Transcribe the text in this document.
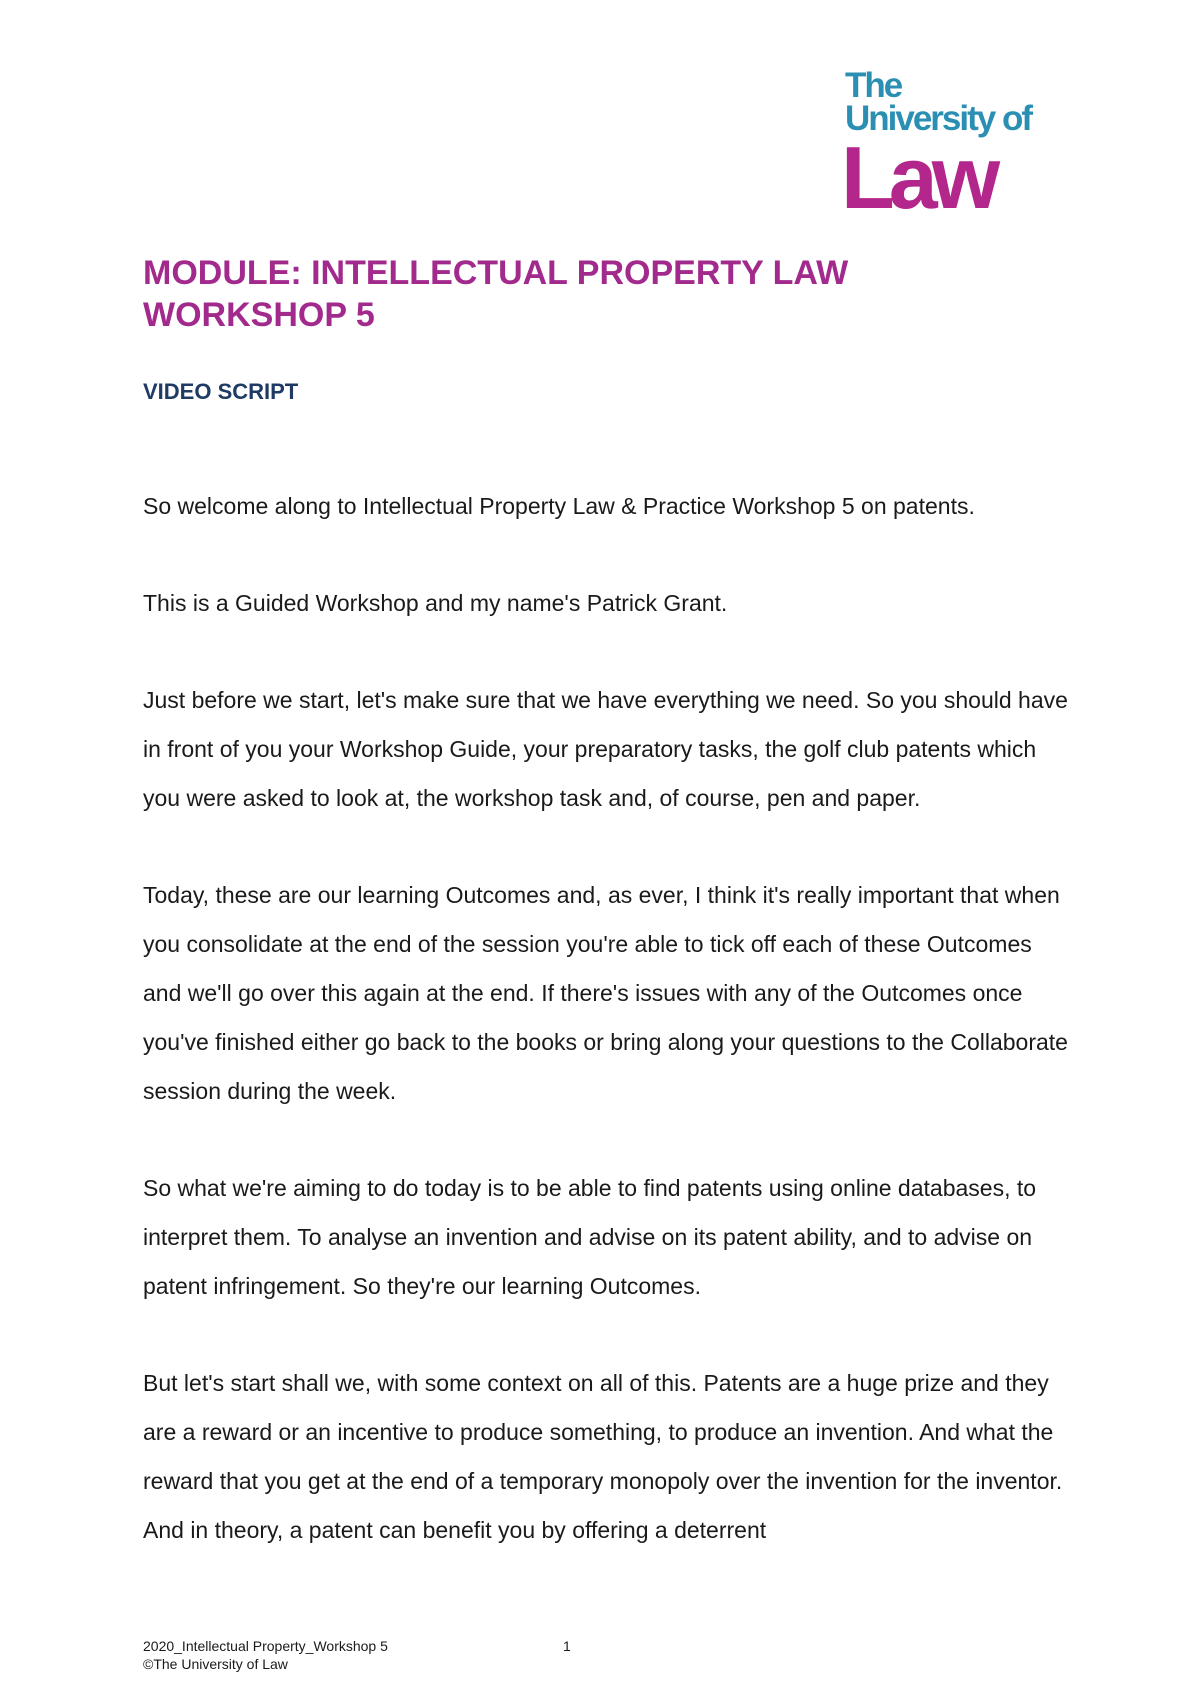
The
University of
Law
MODULE: INTELLECTUAL PROPERTY LAW
WORKSHOP 5
VIDEO SCRIPT

So welcome along to Intellectual Property Law & Practice Workshop 5 on patents.

This is a Guided Workshop and my name's Patrick Grant.

Just before we start, let's make sure that we have everything we need. So you should have in front of you your Workshop Guide, your preparatory tasks, the golf club patents which you were asked to look at, the workshop task and, of course, pen and paper.

Today, these are our learning Outcomes and, as ever, I think it's really important that when you consolidate at the end of the session you're able to tick off each of these Outcomes and we'll go over this again at the end. If there's issues with any of the Outcomes once you've finished either go back to the books or bring along your questions to the Collaborate session during the week.

So what we're aiming to do today is to be able to find patents using online databases, to interpret them. To analyse an invention and advise on its patent ability, and to advise on patent infringement. So they're our learning Outcomes.

But let's start shall we, with some context on all of this. Patents are a huge prize and they are a reward or an incentive to produce something, to produce an invention. And what the reward that you get at the end of a temporary monopoly over the invention for the inventor. And in theory, a patent can benefit you by offering a deterrent

2020_Intellectual Property_Workshop 5
©The University of Law
1
